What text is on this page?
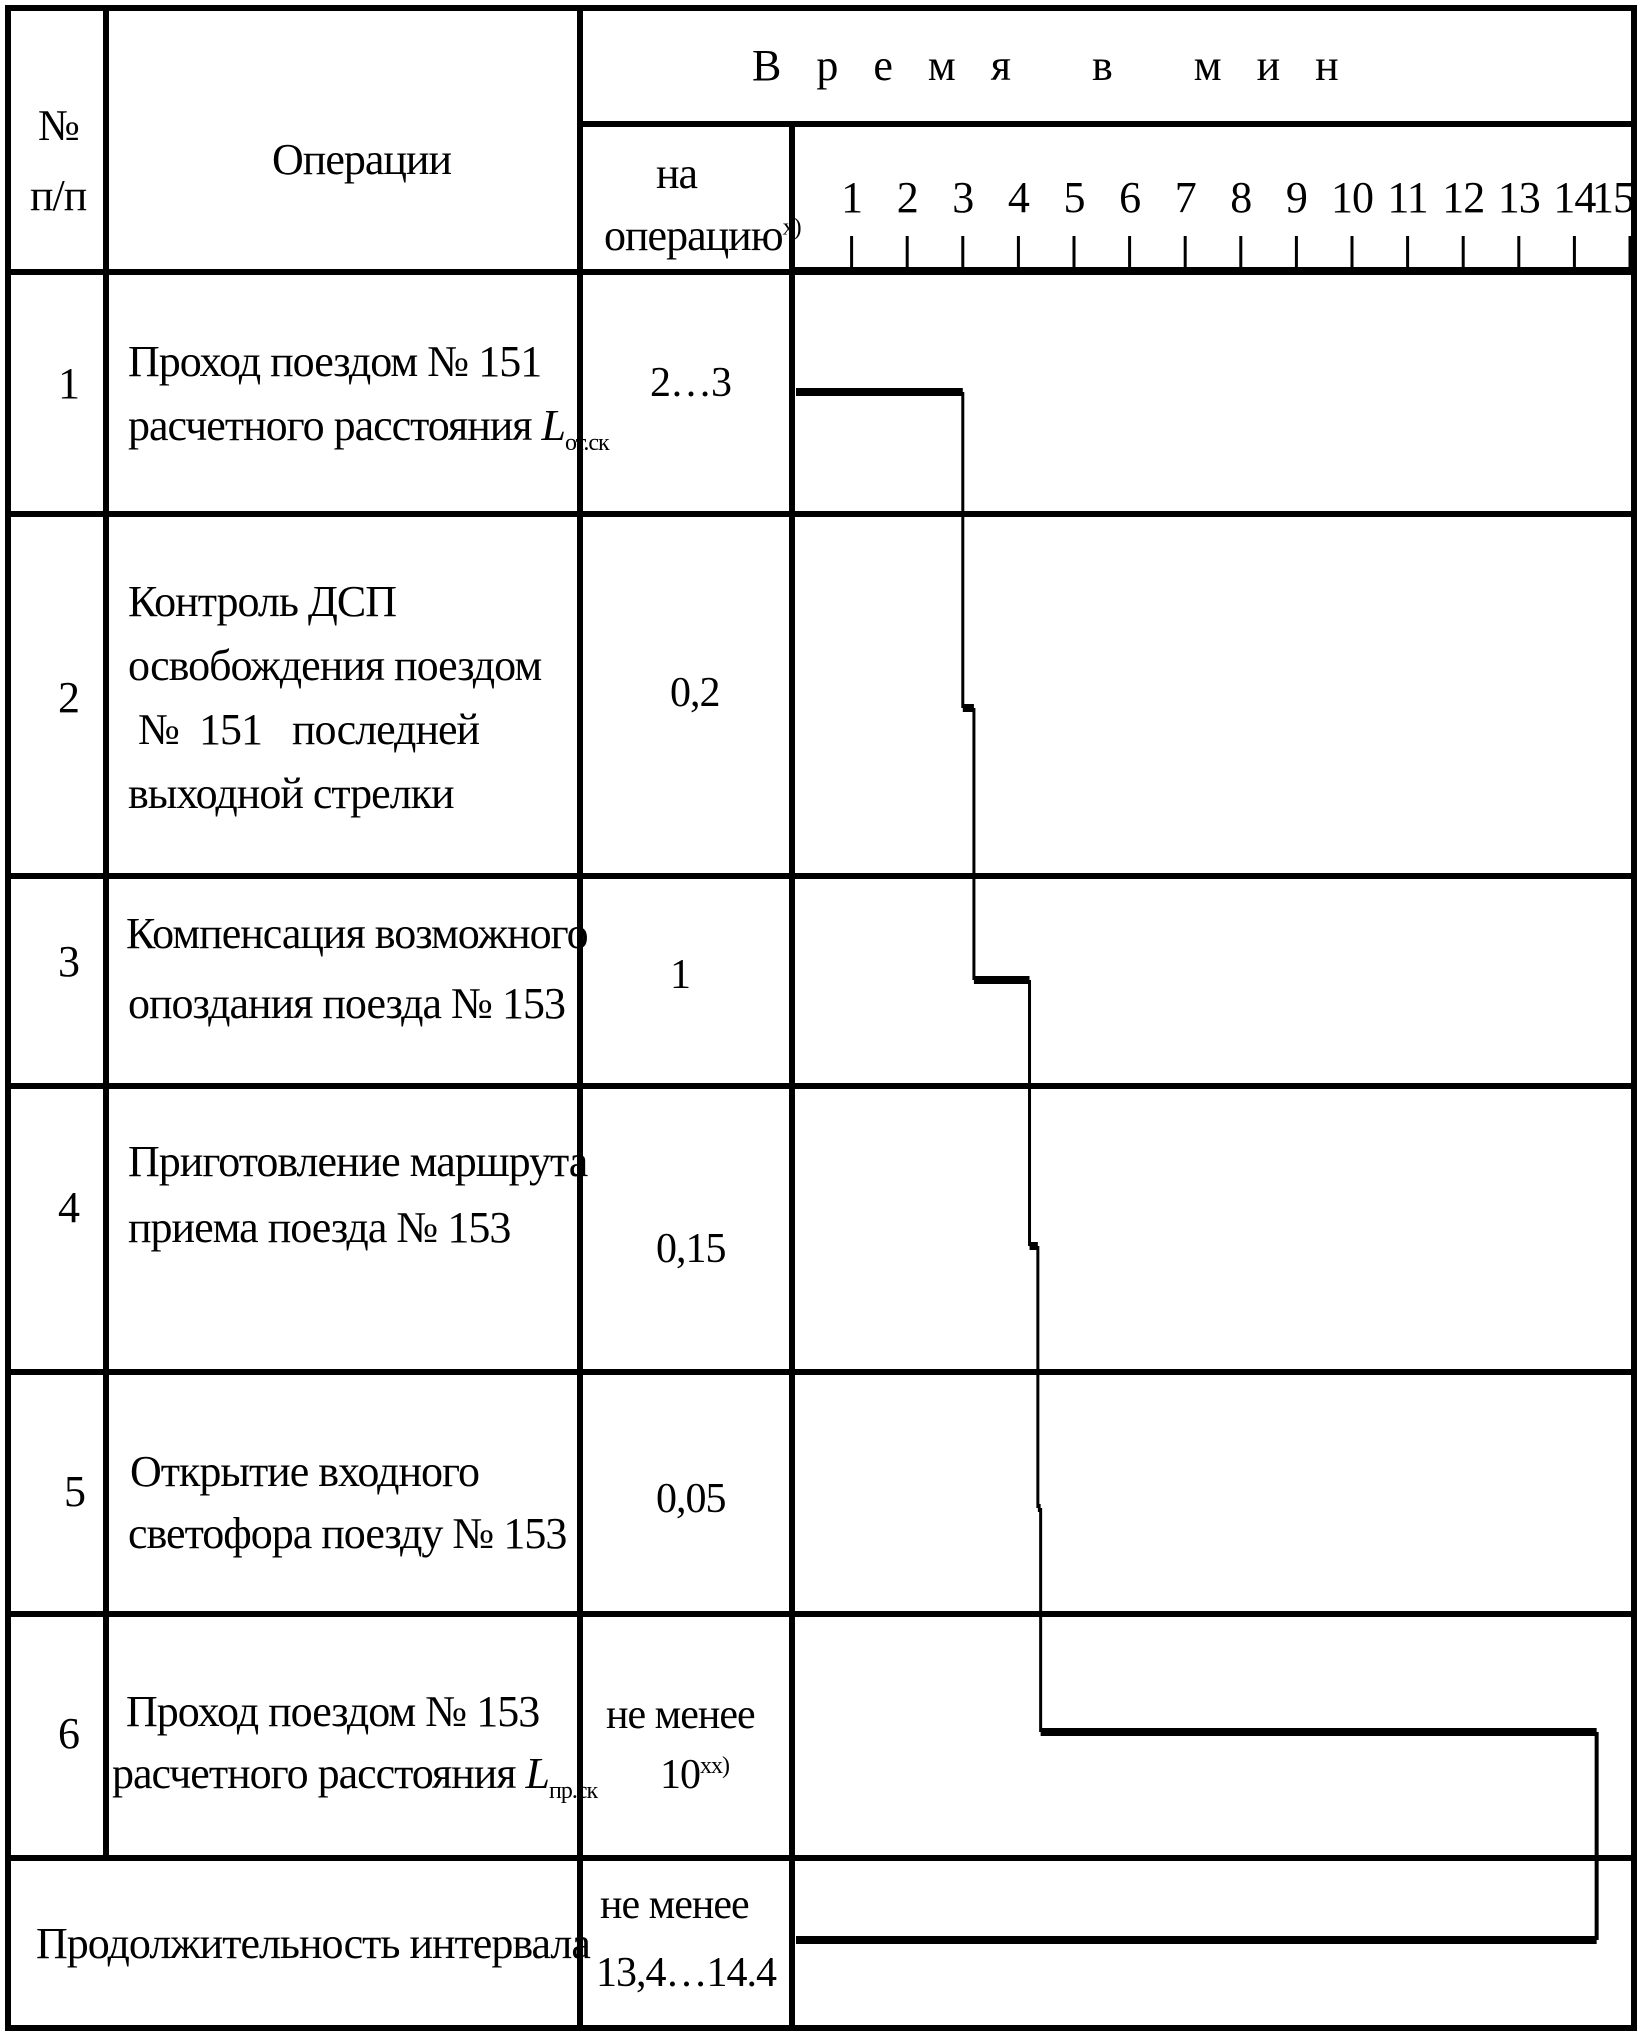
№
п/п
Операции
В р е м я   в   м и н
на
операцию$^{х)}$
1 Проход поездом № 151
расчетного расстояния $L_{от.ск}$
2…3
2
Контроль ДСП
освобождения поездом
№  151   последней
выходной стрелки
0,2
3
Компенсация возможного
опоздания поезда № 153
1
4
Приготовление маршрута
приема поезда № 153	0,15
5 Открытие входного
светофора поезду № 153
0,05
6 Проход поездом № 153
расчетного расстояния $L_{пр.ск}$
не менее
$10^{хх)}$
Продолжительность интервала
не менее
13,4…14.4
1 2 3 4 5 6 7 8 9 10 11 12 13 14
15
